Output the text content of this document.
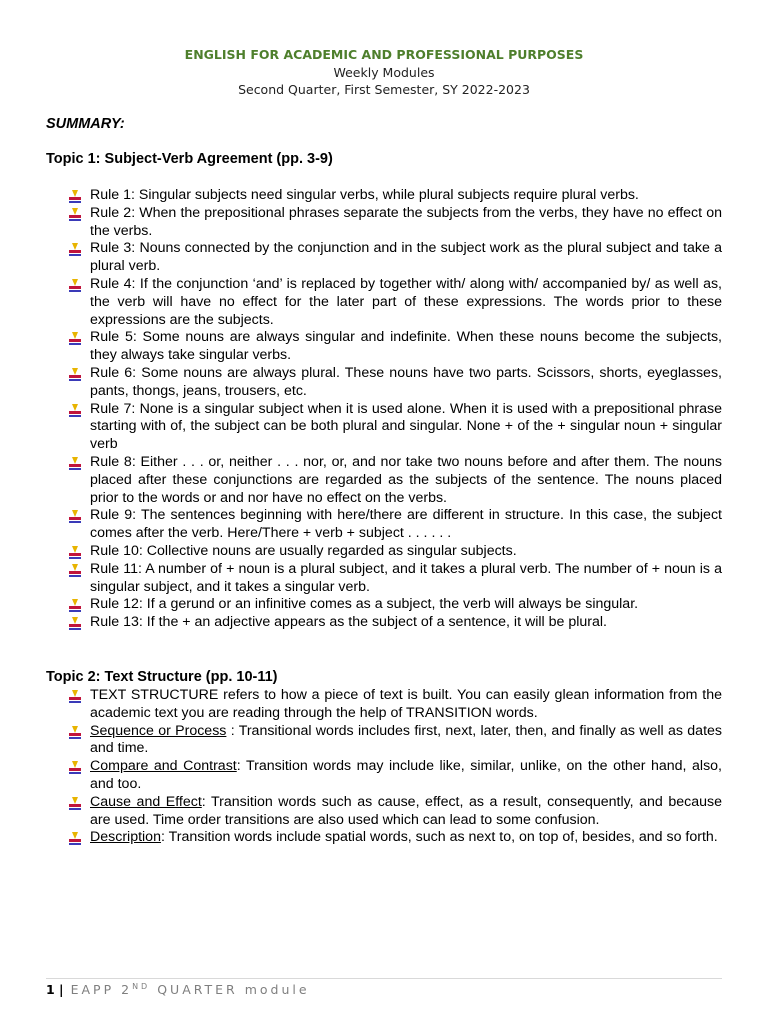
ENGLISH FOR ACADEMIC AND PROFESSIONAL PURPOSES
Weekly Modules
Second Quarter, First Semester, SY 2022-2023
SUMMARY:
Topic 1: Subject-Verb Agreement (pp. 3-9)
Rule 1: Singular subjects need singular verbs, while plural subjects require plural verbs.
Rule 2: When the prepositional phrases separate the subjects from the verbs, they have no effect on the verbs.
Rule 3: Nouns connected by the conjunction and in the subject work as the plural subject and take a plural verb.
Rule 4: If the conjunction ‘and’ is replaced by together with/ along with/ accompanied by/ as well as, the verb will have no effect for the later part of these expressions. The words prior to these expressions are the subjects.
Rule 5: Some nouns are always singular and indefinite. When these nouns become the subjects, they always take singular verbs.
Rule 6: Some nouns are always plural. These nouns have two parts. Scissors, shorts, eyeglasses, pants, thongs, jeans, trousers, etc.
Rule 7: None is a singular subject when it is used alone. When it is used with a prepositional phrase starting with of, the subject can be both plural and singular. None + of the + singular noun + singular verb
Rule 8: Either . . . or, neither . . . nor, or, and nor take two nouns before and after them. The nouns placed after these conjunctions are regarded as the subjects of the sentence. The nouns placed prior to the words or and nor have no effect on the verbs.
Rule 9: The sentences beginning with here/there are different in structure. In this case, the subject comes after the verb. Here/There + verb + subject . . . . . .
Rule 10: Collective nouns are usually regarded as singular subjects.
Rule 11: A number of + noun is a plural subject, and it takes a plural verb. The number of + noun is a singular subject, and it takes a singular verb.
Rule 12: If a gerund or an infinitive comes as a subject, the verb will always be singular.
Rule 13: If the + an adjective appears as the subject of a sentence, it will be plural.
Topic 2: Text Structure (pp. 10-11)
TEXT STRUCTURE refers to how a piece of text is built. You can easily glean information from the academic text you are reading through the help of TRANSITION words.
Sequence or Process : Transitional words includes first, next, later, then, and finally as well as dates and time.
Compare and Contrast: Transition words may include like, similar, unlike, on the other hand, also, and too.
Cause and Effect: Transition words such as cause, effect, as a result, consequently, and because are used. Time order transitions are also used which can lead to some confusion.
Description: Transition words include spatial words, such as next to, on top of, besides, and so forth.
1 | EAPP 2ND QUARTER module
